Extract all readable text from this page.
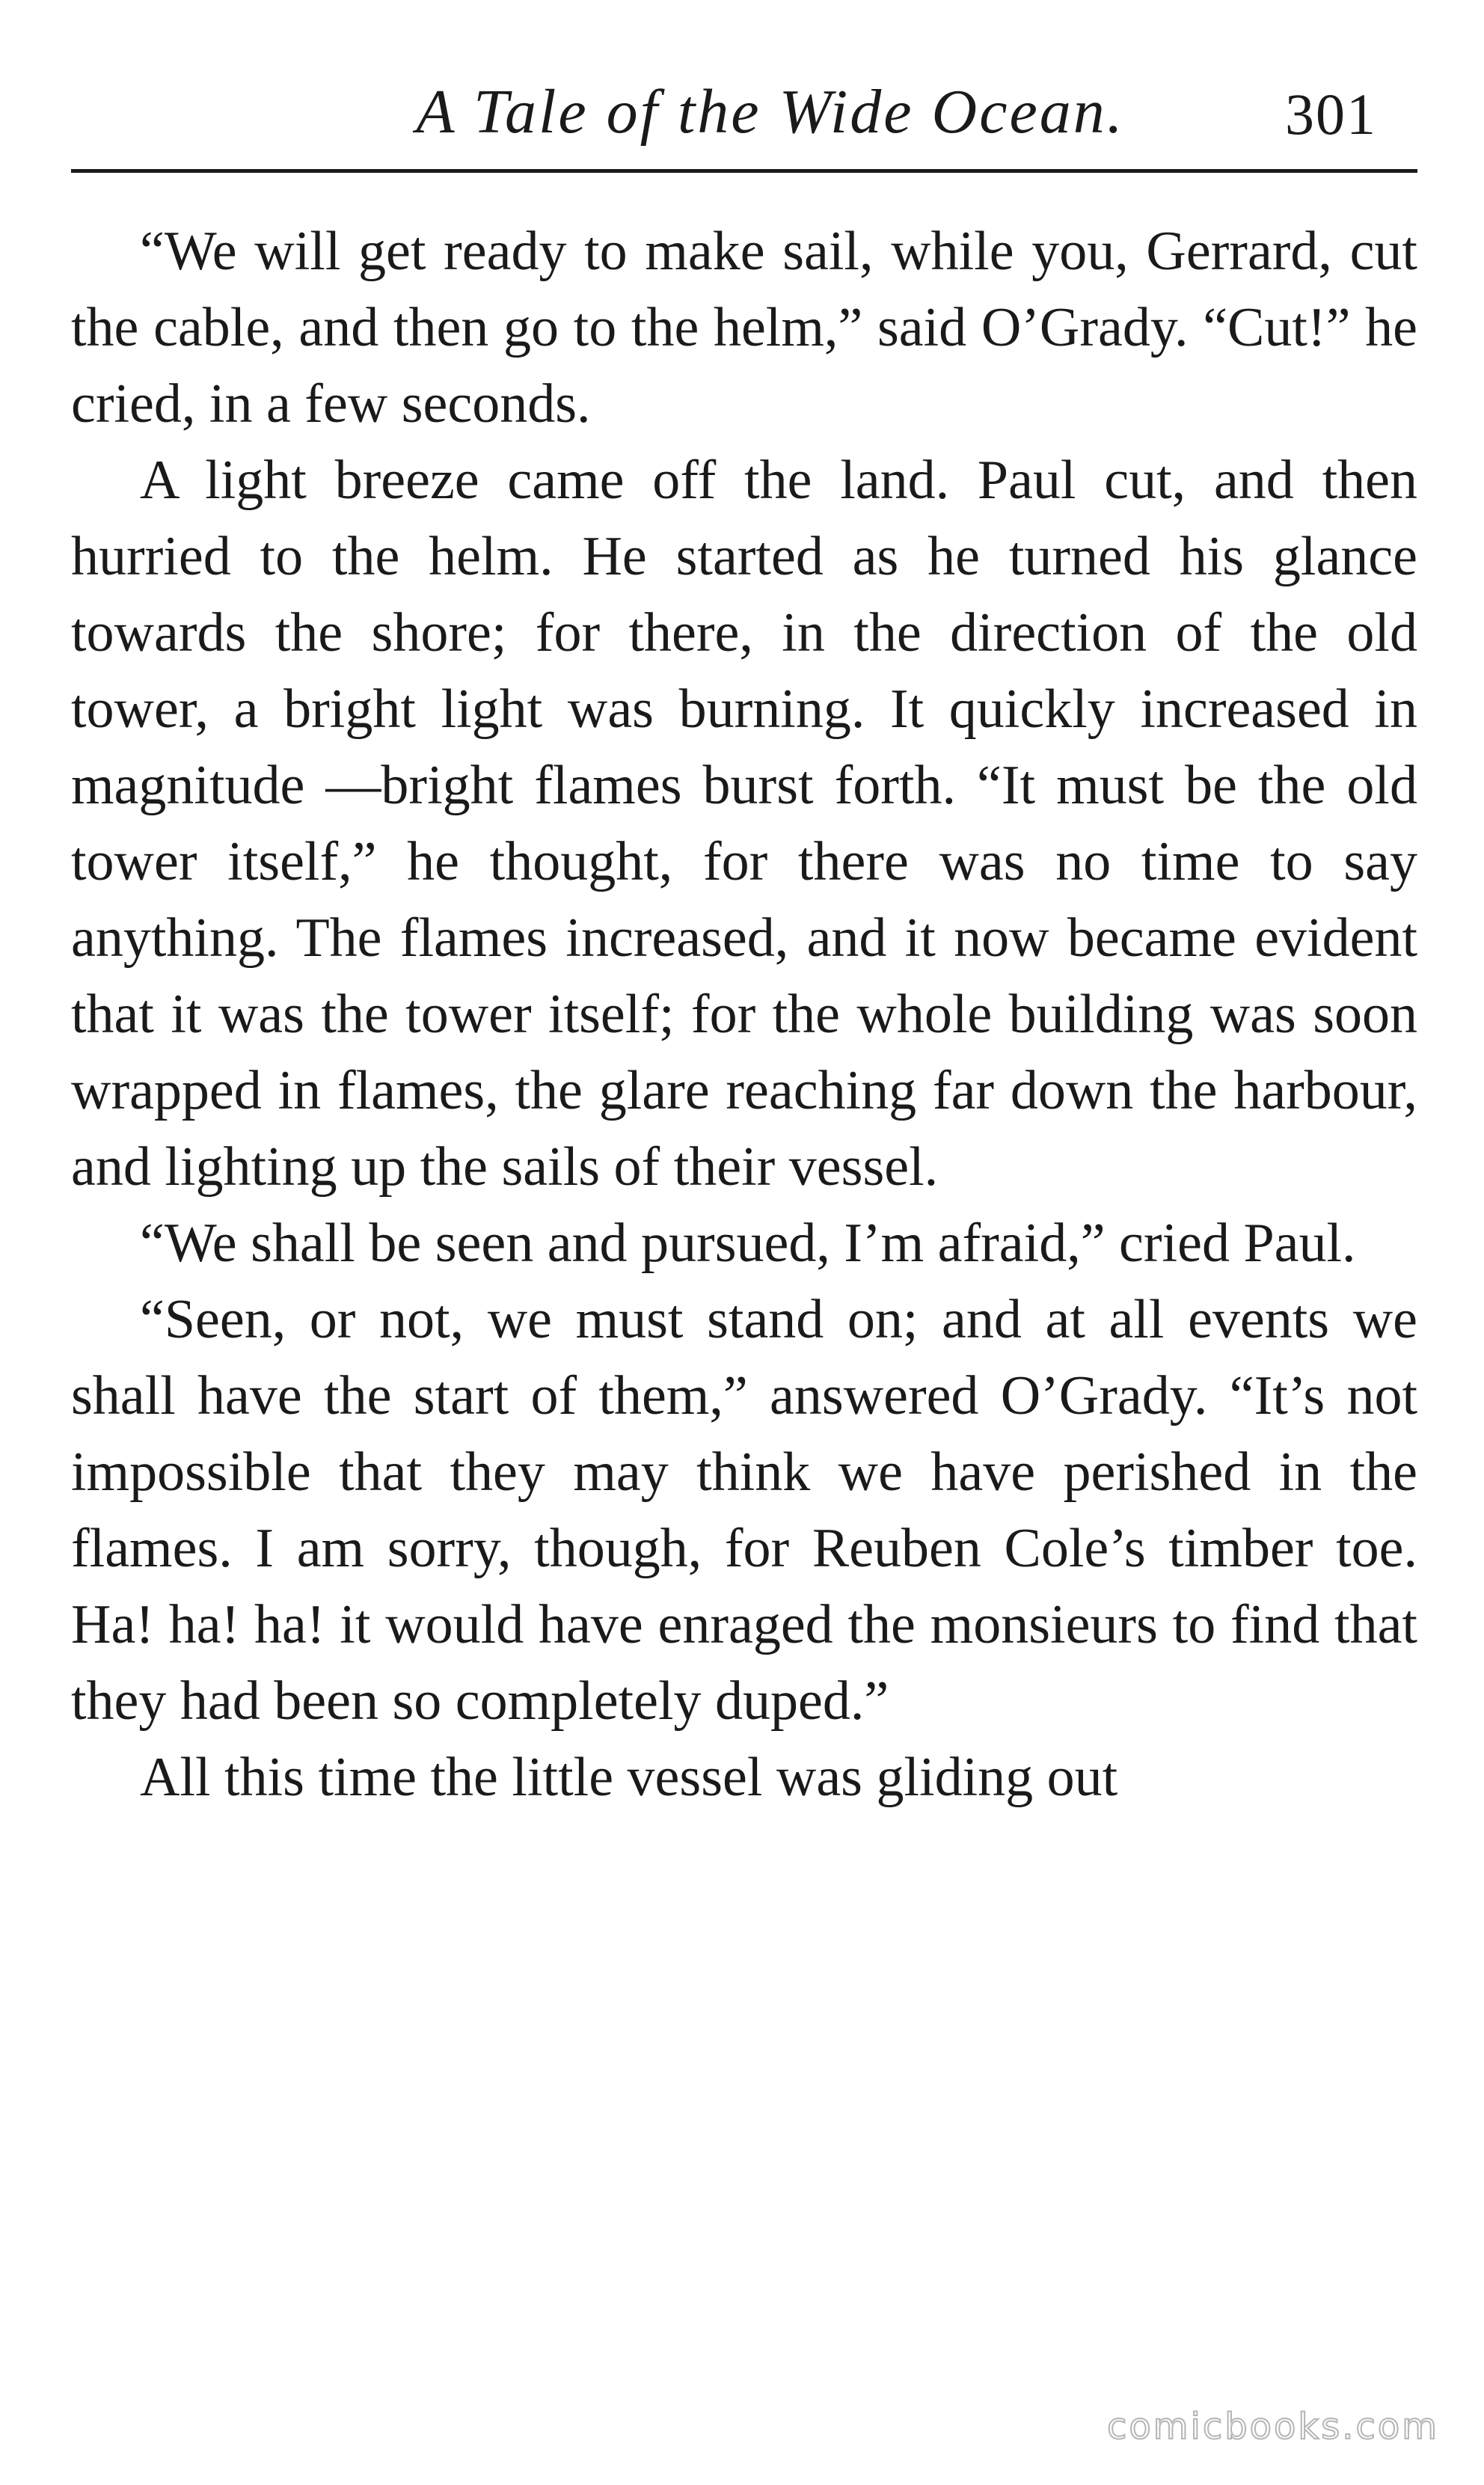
A Tale of the Wide Ocean.	301

“We will get ready to make sail, while you, Gerrard, cut the cable, and then go to the helm,” said O’Grady. “Cut!” he cried, in a few seconds.

A light breeze came off the land. Paul cut, and then hurried to the helm. He started as he turned his glance towards the shore; for there, in the direction of the old tower, a bright light was burning. It quickly increased in magnitude —bright flames burst forth. “It must be the old tower itself,” he thought, for there was no time to say anything. The flames increased, and it now became evident that it was the tower itself; for the whole building was soon wrapped in flames, the glare reaching far down the harbour, and lighting up the sails of their vessel.

“We shall be seen and pursued, I’m afraid,” cried Paul.

“Seen, or not, we must stand on; and at all events we shall have the start of them,” answered O’Grady. “It’s not impossible that they may think we have perished in the flames. I am sorry, though, for Reuben Cole’s timber toe. Ha! ha! ha! it would have enraged the monsieurs to find that they had been so completely duped.”

All this time the little vessel was gliding out

comicbooks.com
